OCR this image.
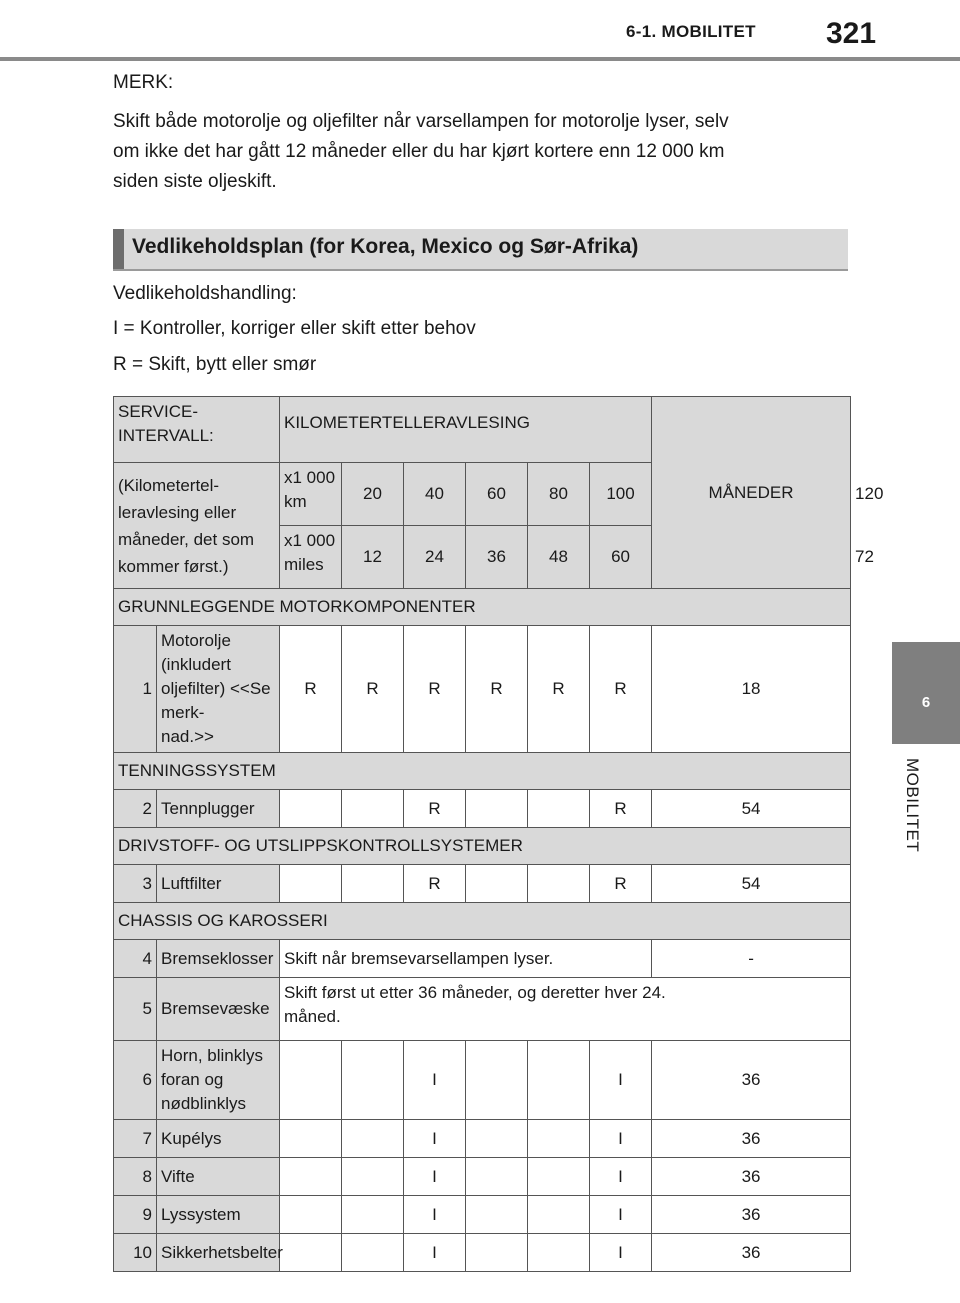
6-1. MOBILITET 321
6
MOBILITET
MERK:
Skift både motorolje og oljefilter når varsellampen for motorolje lyser, selv
om ikke det har gått 12 måneder eller du har kjørt kortere enn 12 000 km
siden siste oljeskift.
Vedlikeholdsplan (for Korea, Mexico og Sør-Afrika)
Vedlikeholdshandling:
I = Kontroller, korriger eller skift etter behov
R = Skift, bytt eller smør
SERVICE-
INTERVALL:		KILOMETERTELLERAVLESING						MÅNEDER	
(Kilometertel-
leravlesing eller
måneder, det som
kommer først.)		x1 000
km	20	40	60	80	100		120
		x1 000
miles	12	24	36	48	60		72
GRUNNLEGGENDE MOTORKOMPONENTER									
1	Motorolje (inkludert
oljefilter) <<Se merk-
nad.>>	R	R	R	R	R	R	18	
TENNINGSSYSTEM									
2	Tennplugger			R			R	54	
DRIVSTOFF- OG UTSLIPPSKONTROLLSYSTEMER									
3	Luftfilter			R			R	54	
CHASSIS OG KAROSSERI									
4	Bremseklosser	Skift når bremsevarsellampen lyser.						-	
5	Bremsevæske	Skift først ut etter 36 måneder, og deretter hver 24.
måned.							
6	Horn, blinklys foran og
nødblinklys			I			I	36	
7	Kupélys			I			I	36	
8	Vifte			I			I	36	
9	Lyssystem			I			I	36	
10	Sikkerhetsbelter			I			I	36	
